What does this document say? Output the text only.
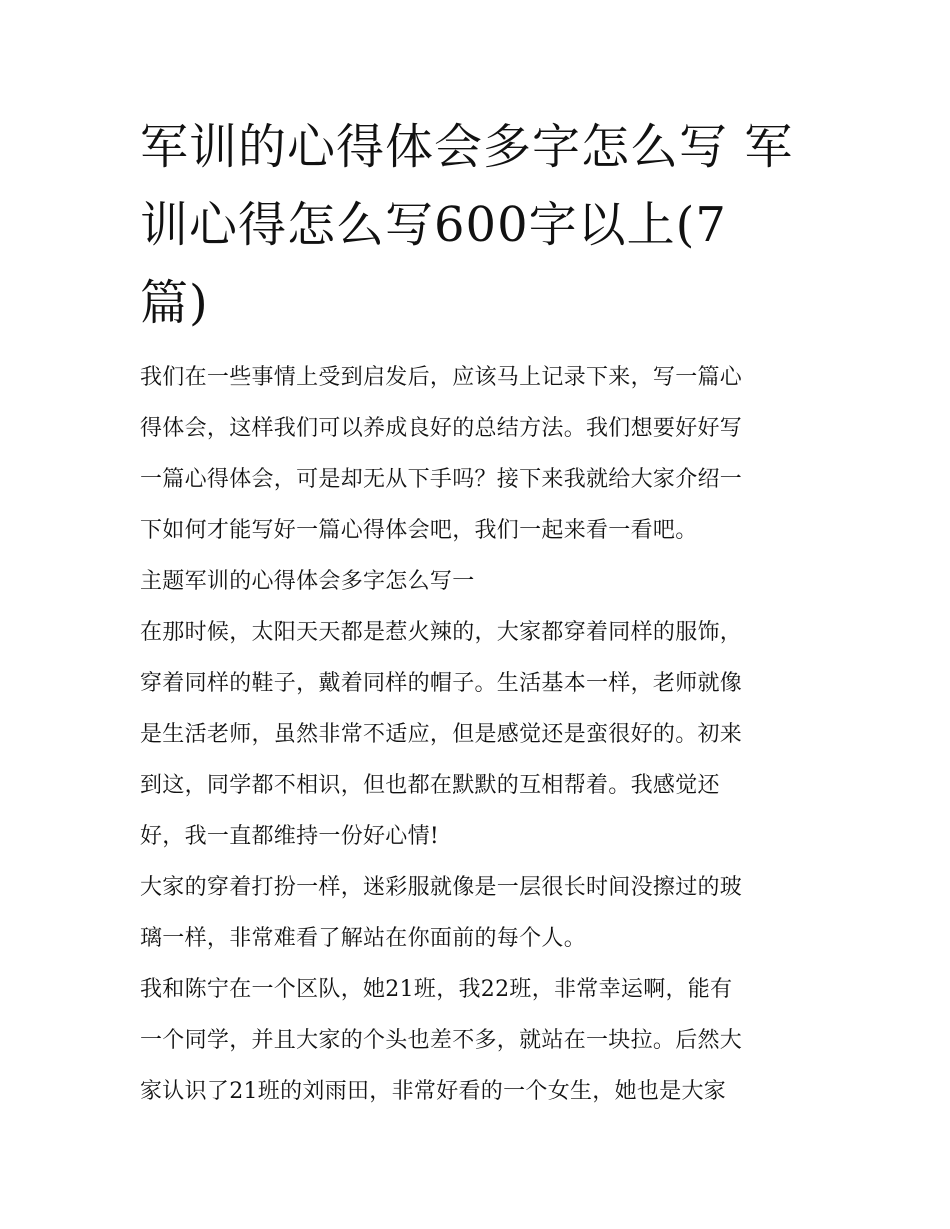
军训的心得体会多字怎么写 军
训心得怎么写600字以上(7
篇)

我们在一些事情上受到启发后，应该马上记录下来，写一篇心
得体会，这样我们可以养成良好的总结方法。我们想要好好写
一篇心得体会，可是却无从下手吗？接下来我就给大家介绍一
下如何才能写好一篇心得体会吧，我们一起来看一看吧。

主题军训的心得体会多字怎么写一

在那时候，太阳天天都是惹火辣的，大家都穿着同样的服饰，
穿着同样的鞋子，戴着同样的帽子。生活基本一样，老师就像
是生活老师，虽然非常不适应，但是感觉还是蛮很好的。初来
到这，同学都不相识，但也都在默默的互相帮着。我感觉还
好，我一直都维持一份好心情!

大家的穿着打扮一样，迷彩服就像是一层很长时间没擦过的玻
璃一样，非常难看了解站在你面前的每个人。

我和陈宁在一个区队，她21班，我22班，非常幸运啊，能有
一个同学，并且大家的个头也差不多，就站在一块拉。后然大
家认识了21班的刘雨田，非常好看的一个女生，她也是大家
